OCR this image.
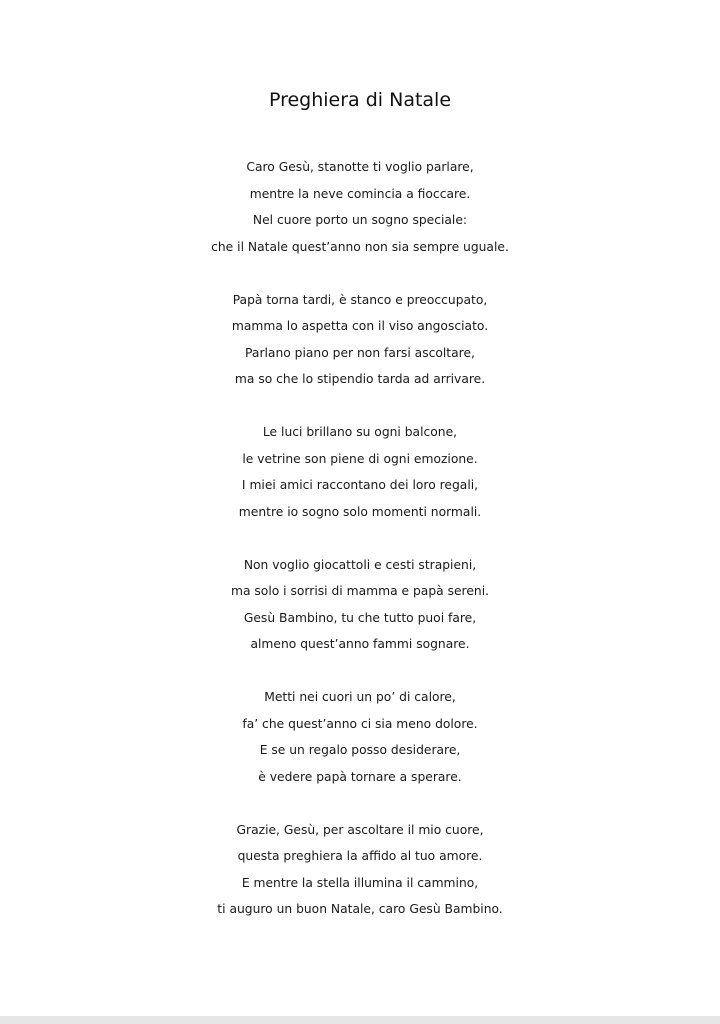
Preghiera di Natale
Caro Gesù, stanotte ti voglio parlare,
mentre la neve comincia a fioccare.
Nel cuore porto un sogno speciale:
che il Natale quest’anno non sia sempre uguale.
Papà torna tardi, è stanco e preoccupato,
mamma lo aspetta con il viso angosciato.
Parlano piano per non farsi ascoltare,
ma so che lo stipendio tarda ad arrivare.
Le luci brillano su ogni balcone,
le vetrine son piene di ogni emozione.
I miei amici raccontano dei loro regali,
mentre io sogno solo momenti normali.
Non voglio giocattoli e cesti strapieni,
ma solo i sorrisi di mamma e papà sereni.
Gesù Bambino, tu che tutto puoi fare,
almeno quest’anno fammi sognare.
Metti nei cuori un po’ di calore,
fa’ che quest’anno ci sia meno dolore.
E se un regalo posso desiderare,
è vedere papà tornare a sperare.
Grazie, Gesù, per ascoltare il mio cuore,
questa preghiera la affido al tuo amore.
E mentre la stella illumina il cammino,
ti auguro un buon Natale, caro Gesù Bambino.
